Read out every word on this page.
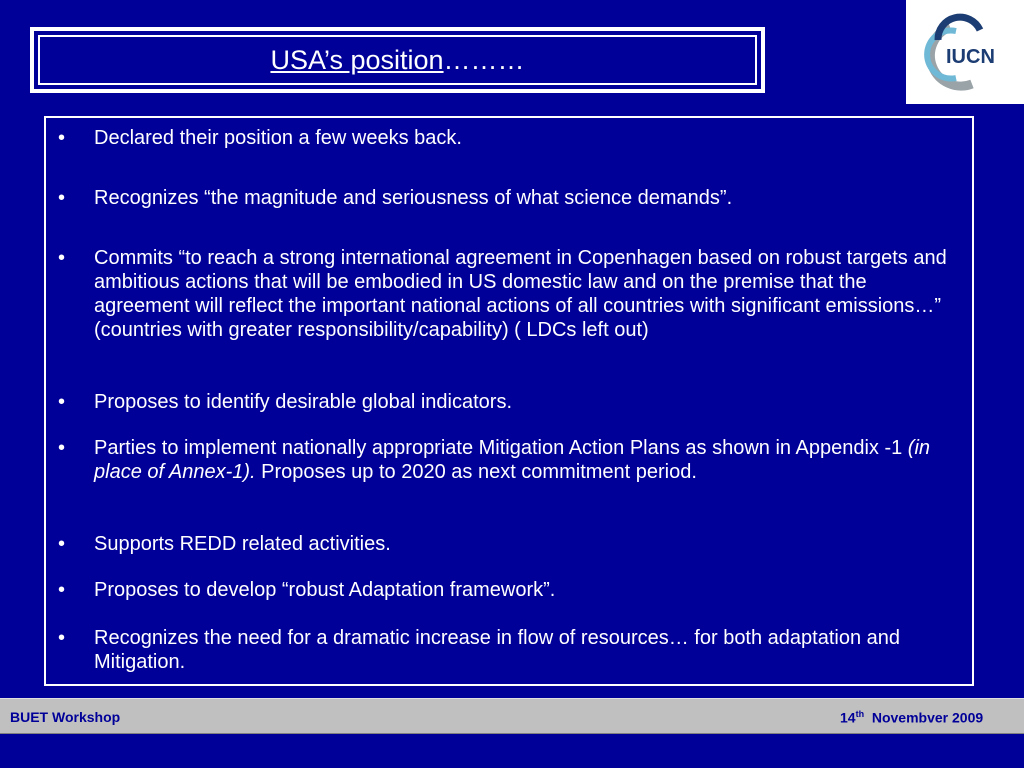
USA’s position………	IUCN
• Declared their position a few weeks back.
• Recognizes “the magnitude and seriousness of what science demands”.
• Commits “to reach a strong international agreement in Copenhagen based on robust targets and ambitious actions that will be embodied in US domestic law and on the premise that the agreement will reflect the important national actions of all countries with significant emissions…” (countries with greater responsibility/capability) ( LDCs left out)
• Proposes to identify desirable global indicators.
• Parties to implement nationally appropriate Mitigation Action Plans as shown in Appendix -1 (in place of Annex-1). Proposes up to 2020 as next commitment period.
• Supports REDD related activities.
• Proposes to develop “robust Adaptation framework”.
• Recognizes the need for a dramatic increase in flow of resources… for both adaptation and Mitigation.
BUET Workshop	14th Novembver 2009
